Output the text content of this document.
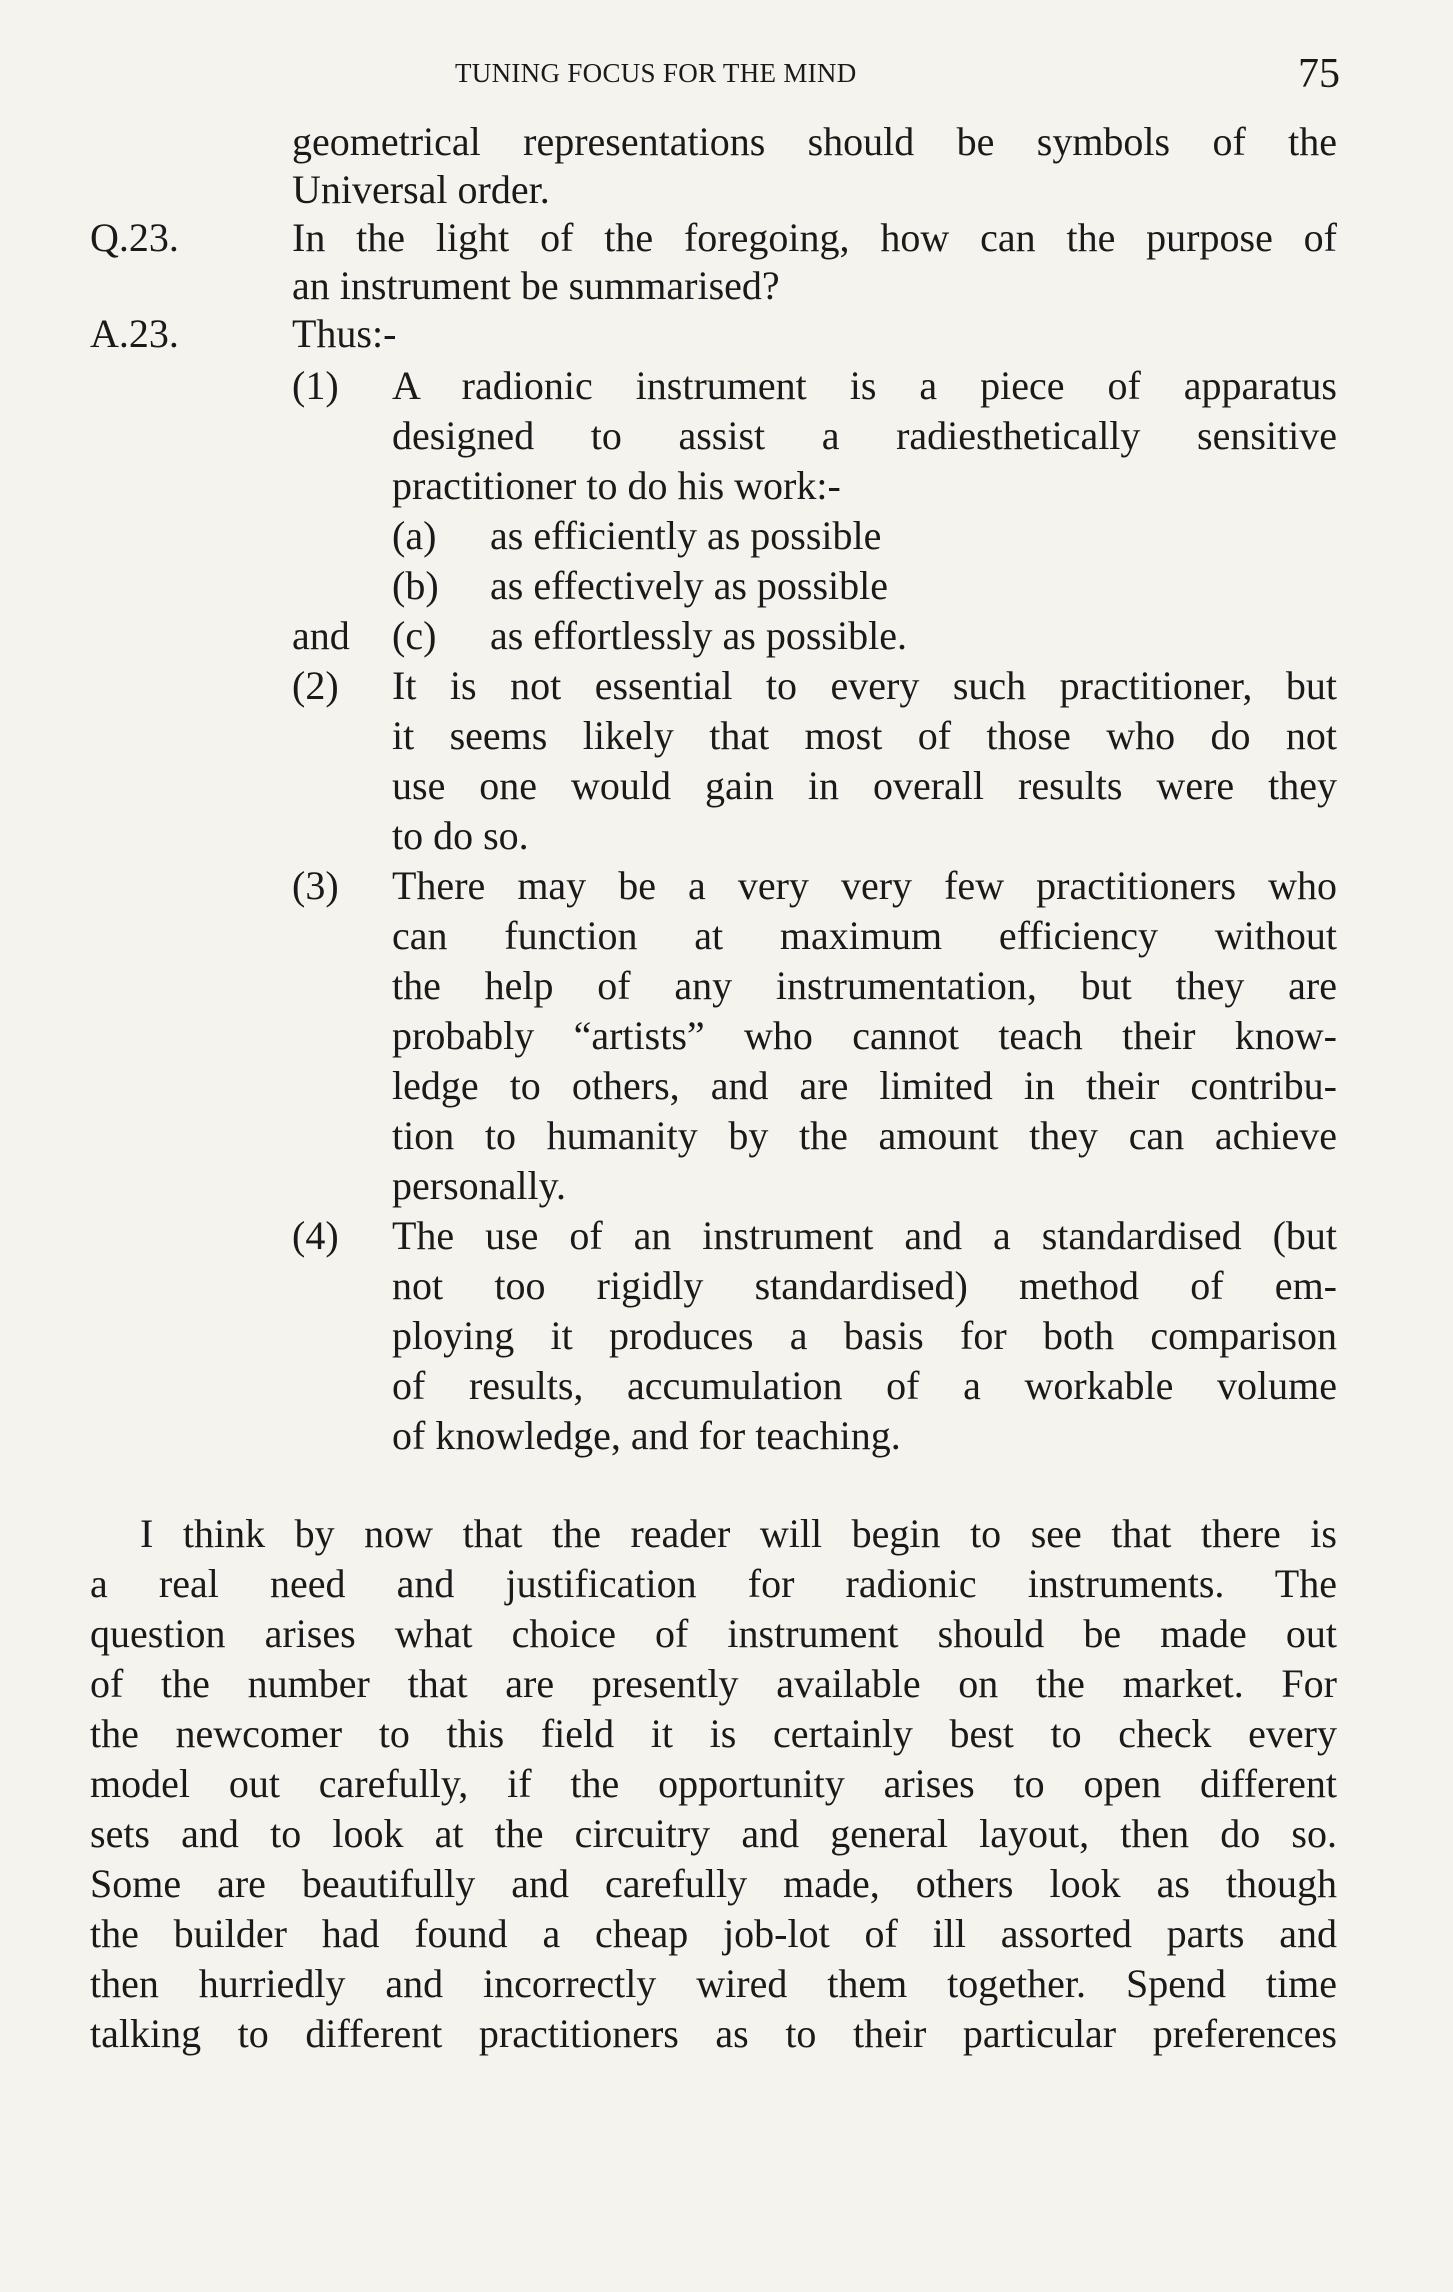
TUNING FOCUS FOR THE MIND	75
geometrical representations should be symbols of the
Universal order.
Q.23.	In the light of the foregoing, how can the purpose of
an instrument be summarised?
A.23.	Thus:-
(1) A radionic instrument is a piece of apparatus
designed to assist a radiesthetically sensitive
practitioner to do his work:-
(a) as efficiently as possible
(b) as effectively as possible
and (c) as effortlessly as possible.
(2) It is not essential to every such practitioner, but
it seems likely that most of those who do not
use one would gain in overall results were they
to do so.
(3) There may be a very very few practitioners who
can function at maximum efficiency without
the help of any instrumentation, but they are
probably “artists” who cannot teach their know-
ledge to others, and are limited in their contribu-
tion to humanity by the amount they can achieve
personally.
(4) The use of an instrument and a standardised (but
not too rigidly standardised) method of em-
ploying it produces a basis for both comparison
of results, accumulation of a workable volume
of knowledge, and for teaching.
I think by now that the reader will begin to see that there is
a real need and justification for radionic instruments. The
question arises what choice of instrument should be made out
of the number that are presently available on the market. For
the newcomer to this field it is certainly best to check every
model out carefully, if the opportunity arises to open different
sets and to look at the circuitry and general layout, then do so.
Some are beautifully and carefully made, others look as though
the builder had found a cheap job-lot of ill assorted parts and
then hurriedly and incorrectly wired them together. Spend time
talking to different practitioners as to their particular preferences
